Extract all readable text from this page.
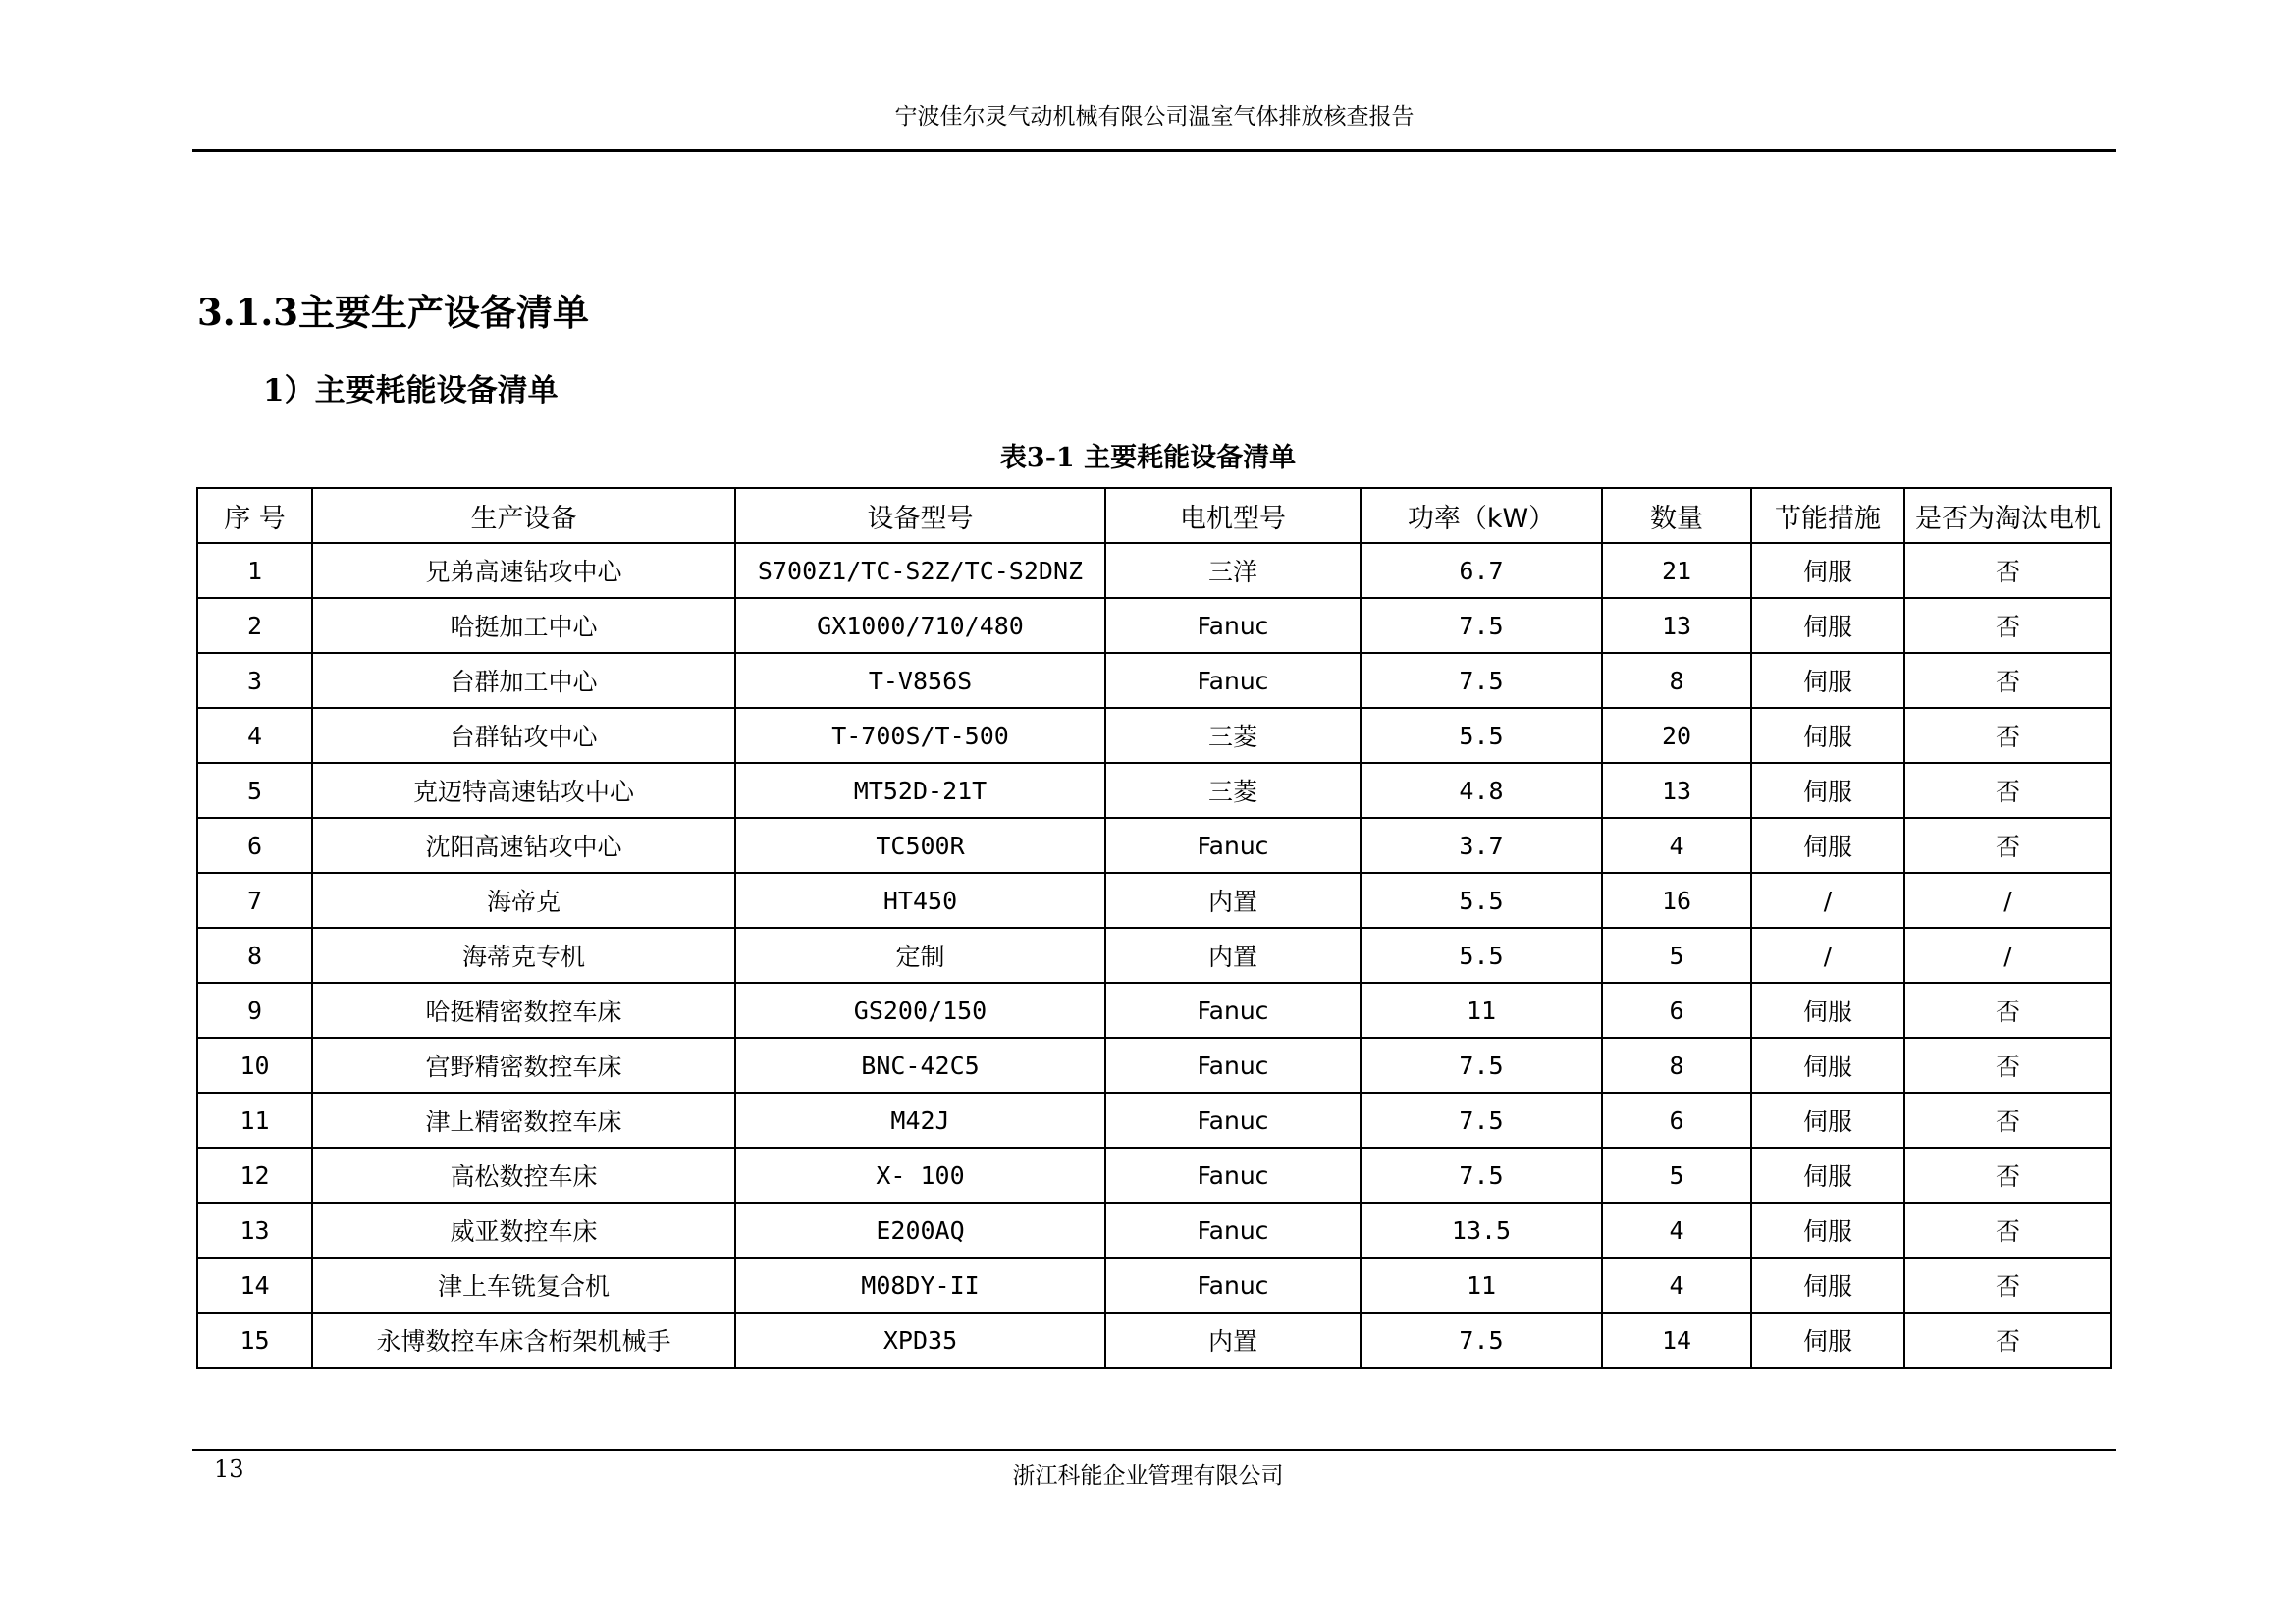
宁波佳尔灵气动机械有限公司温室气体排放核查报告
3.1.3主要生产设备清单
1）主要耗能设备清单
表3-1 主要耗能设备清单
序 号	生产设备	设备型号	电机型号	功率（kW）	数量	节能措施	是否为淘汰电机
1	兄弟高速钻攻中心	S700Z1/TC-S2Z/TC-S2DNZ	三洋	6.7	21	伺服	否
2	哈挺加工中心	GX1000/710/480	Fanuc	7.5	13	伺服	否
3	台群加工中心	T-V856S	Fanuc	7.5	8	伺服	否
4	台群钻攻中心	T-700S/T-500	三菱	5.5	20	伺服	否
5	克迈特高速钻攻中心	MT52D-21T	三菱	4.8	13	伺服	否
6	沈阳高速钻攻中心	TC500R	Fanuc	3.7	4	伺服	否
7	海帝克	HT450	内置	5.5	16	/	/
8	海蒂克专机	定制	内置	5.5	5	/	/
9	哈挺精密数控车床	GS200/150	Fanuc	11	6	伺服	否
10	宫野精密数控车床	BNC-42C5	Fanuc	7.5	8	伺服	否
11	津上精密数控车床	M42J	Fanuc	7.5	6	伺服	否
12	高松数控车床	X- 100	Fanuc	7.5	5	伺服	否
13	威亚数控车床	E200AQ	Fanuc	13.5	4	伺服	否
14	津上车铣复合机	M08DY-II	Fanuc	11	4	伺服	否
15	永博数控车床含桁架机械手	XPD35	内置	7.5	14	伺服	否
13	浙江科能企业管理有限公司
